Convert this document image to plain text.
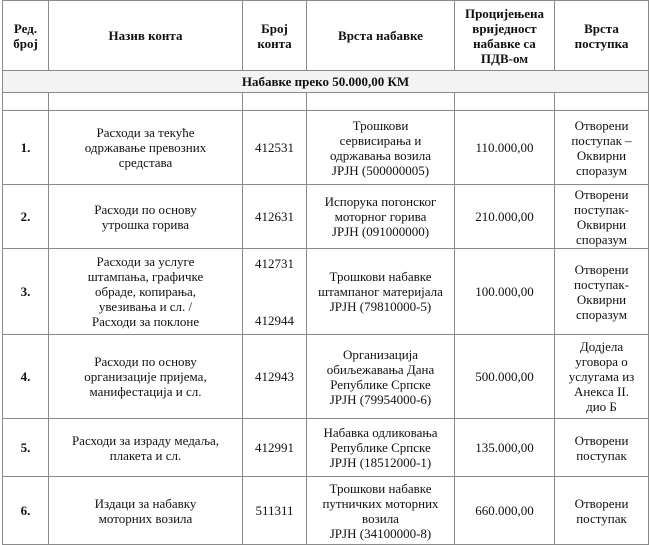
Ред.
број	Назив конта	Број
конта	Врста набавке	Процијењена
вриједност
набавке са
ПДВ-ом	Врста
поступка

Набавке преко 50.000,00 КМ					

1.	Расходи за текуће
одржавање превозних
средстава	412531	Трошкови
сервисирања и
одржавања возила
ЈРЈН (500000005)	110.000,00	Отворени
поступак –
Оквирни
споразум

2.	Расходи по основу
утрошка горива	412631	Испорука погонског
моторног горива
ЈРЈН (091000000)	210.000,00	Отворени
поступак-
Оквирни
споразум

3.	Расходи за услуге
штампања, графичке
обраде, копирања,
увезивања и сл. /
Расходи за поклоне	412731
412944	Трошкови набавке
штампаног материјала
ЈРЈН (79810000-5)	100.000,00	Отворени
поступак-
Оквирни
споразум

4.	Расходи по основу
организације пријема,
манифестација и сл.	412943	Организација
обиљежавања Дана
Републике Српске
ЈРЈН (79954000-6)	500.000,00	Додјела
уговора о
услугама из
Анекса II.
дио Б

5.	Расходи за израду медаља,
плакета и сл.	412991	Набавка одликовања
Републике Српске
ЈРЈН (18512000-1)	135.000,00	Отворени
поступак

6.	Издаци за набавку
моторних возила	511311	Трошкови набавке
путничких моторних
возила
ЈРЈН (34100000-8)	660.000,00	Отворени
поступак
